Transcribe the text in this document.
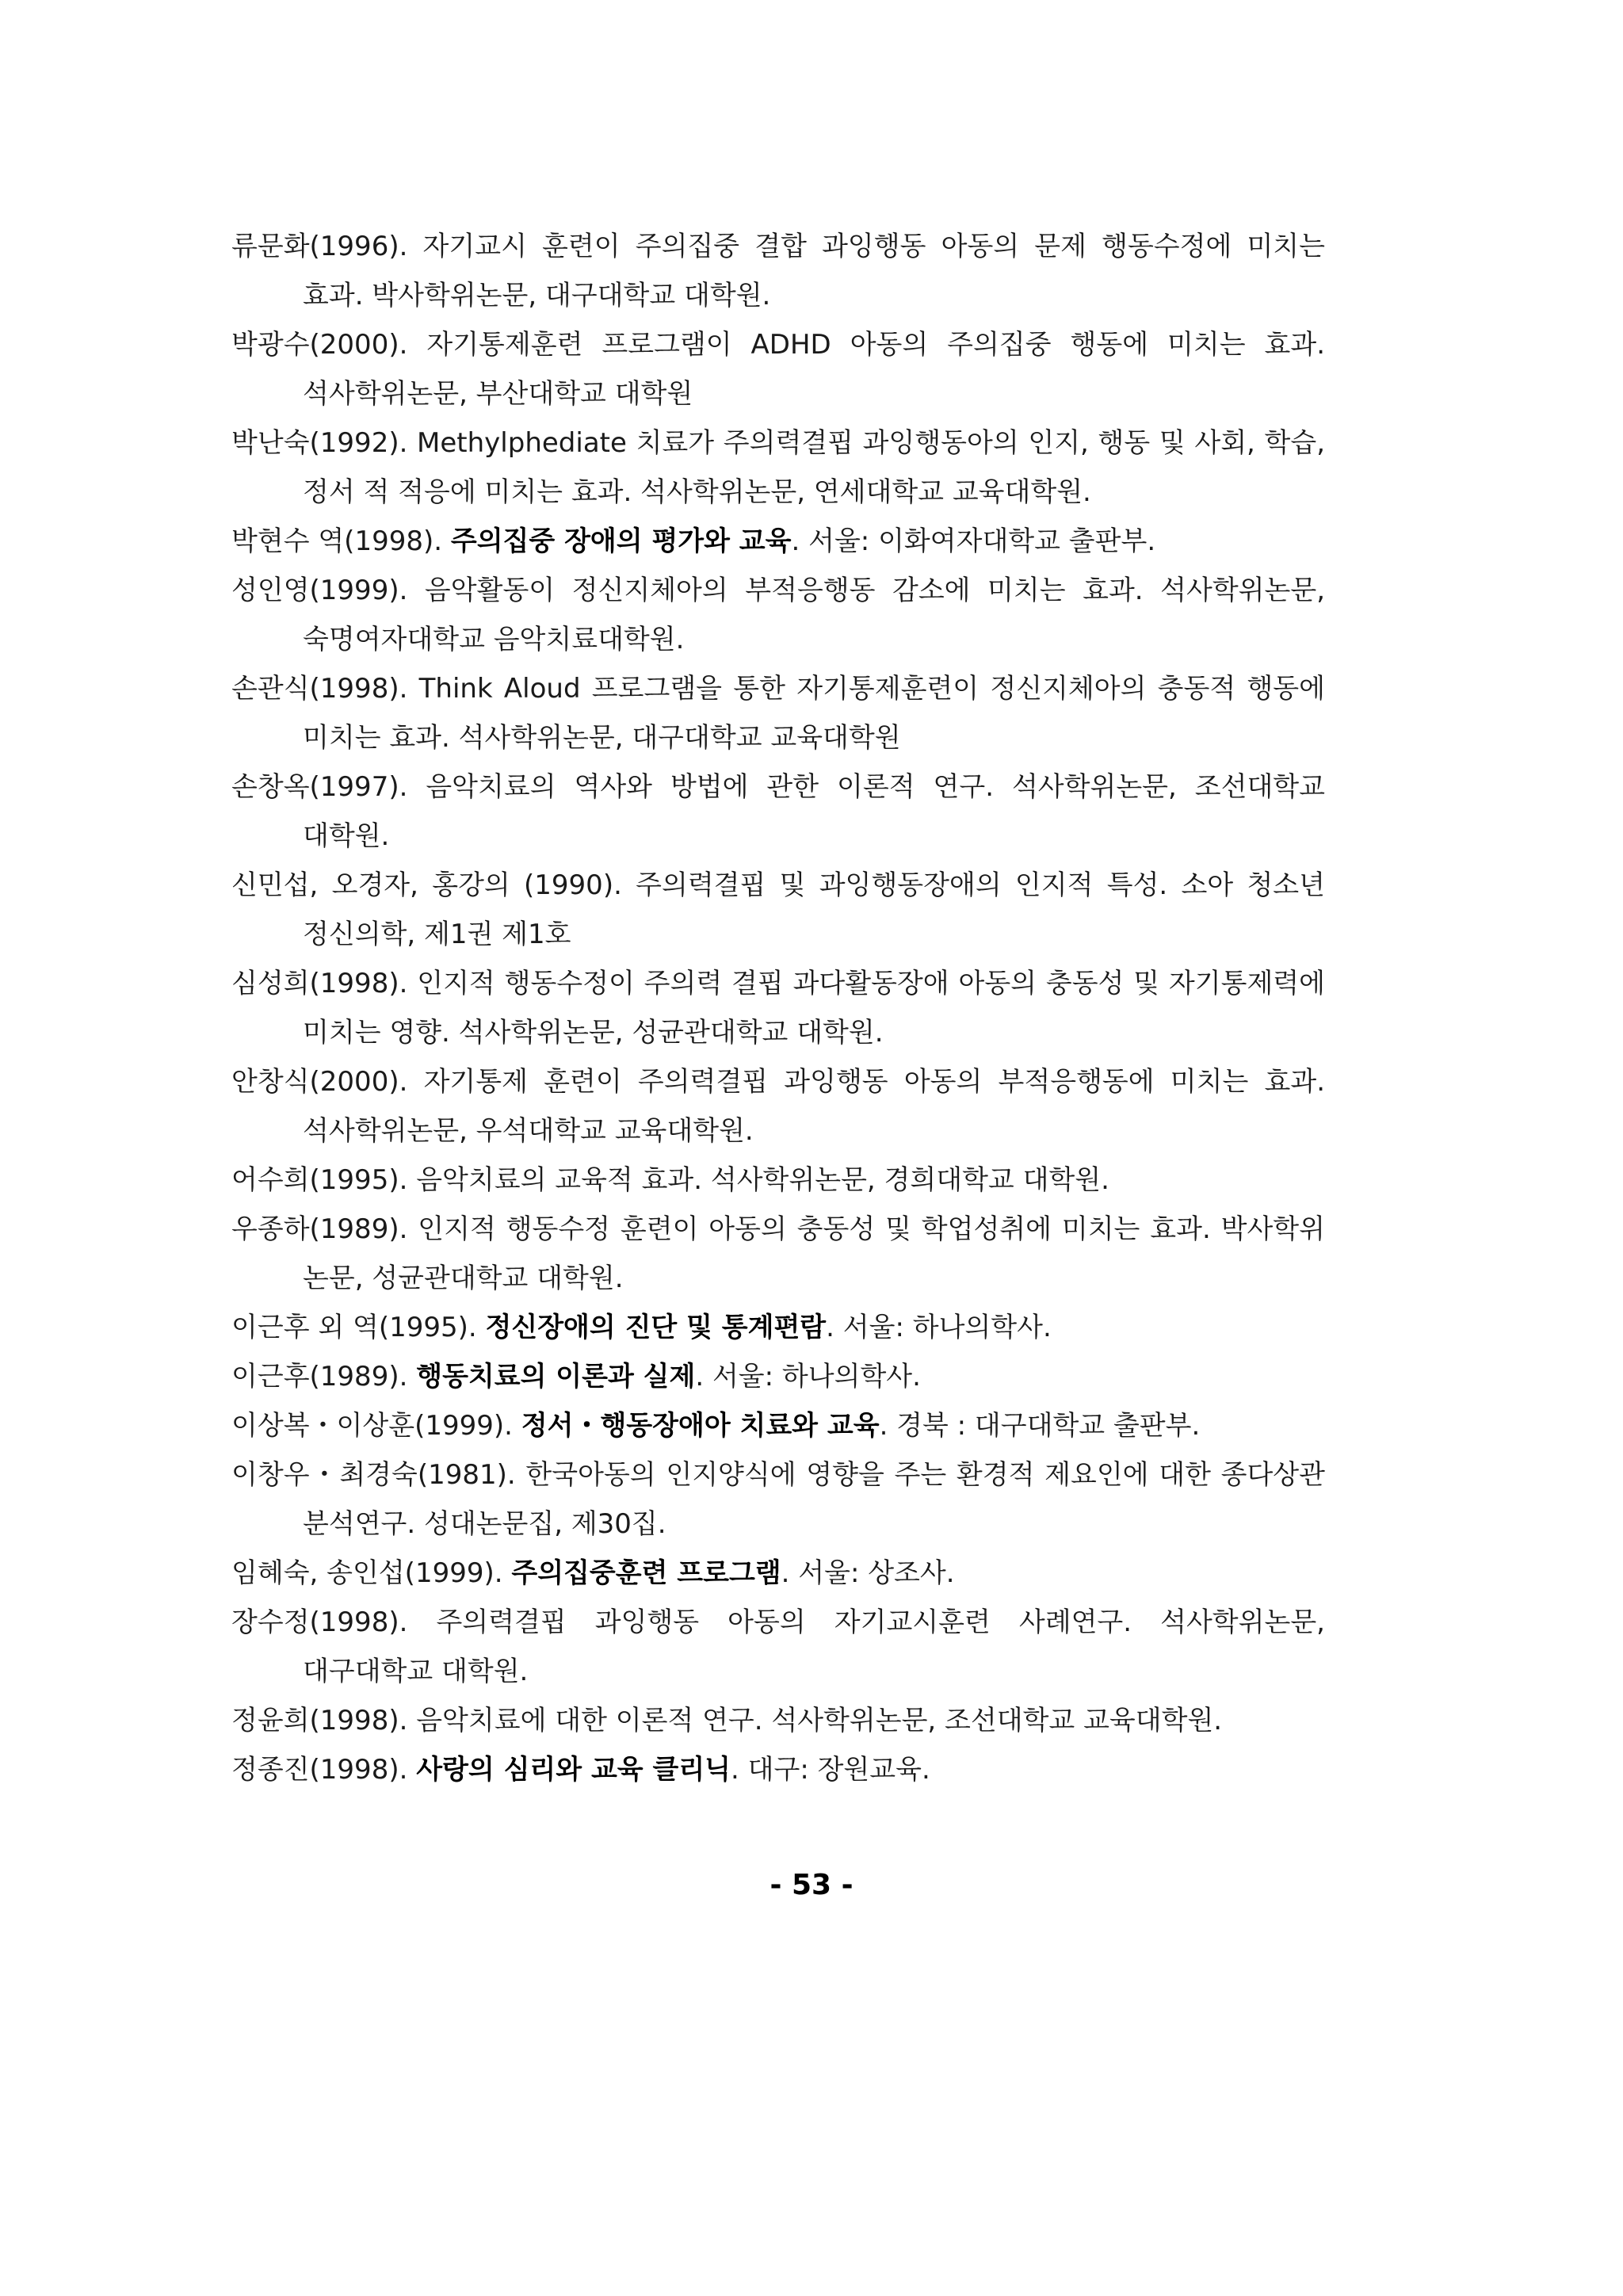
류문화(1996). 자기교시 훈련이 주의집중 결합 과잉행동 아동의 문제 행동수정에 미치는 효과. 박사학위논문, 대구대학교 대학원.
박광수(2000). 자기통제훈련 프로그램이 ADHD 아동의 주의집중 행동에 미치는 효과. 석사학위논문, 부산대학교 대학원
박난숙(1992). Methylphediate 치료가 주의력결핍 과잉행동아의 인지, 행동 및 사회, 학습, 정서 적 적응에 미치는 효과. 석사학위논문, 연세대학교 교육대학원.
박현수 역(1998). 주의집중 장애의 평가와 교육. 서울: 이화여자대학교 출판부.
성인영(1999). 음악활동이 정신지체아의 부적응행동 감소에 미치는 효과. 석사학위논문, 숙명여자대학교 음악치료대학원.
손관식(1998). Think Aloud 프로그램을 통한 자기통제훈련이 정신지체아의 충동적 행동에 미치는 효과. 석사학위논문, 대구대학교 교육대학원
손창옥(1997). 음악치료의 역사와 방법에 관한 이론적 연구. 석사학위논문, 조선대학교 대학원.
신민섭, 오경자, 홍강의 (1990). 주의력결핍 및 과잉행동장애의 인지적 특성. 소아 청소년 정신의학, 제1권 제1호
심성희(1998). 인지적 행동수정이 주의력 결핍 과다활동장애 아동의 충동성 및 자기통제력에 미치는 영향. 석사학위논문, 성균관대학교 대학원.
안창식(2000). 자기통제 훈련이 주의력결핍 과잉행동 아동의 부적응행동에 미치는 효과. 석사학위논문, 우석대학교 교육대학원.
어수희(1995). 음악치료의 교육적 효과. 석사학위논문, 경희대학교 대학원.
우종하(1989). 인지적 행동수정 훈련이 아동의 충동성 및 학업성취에 미치는 효과. 박사학위 논문, 성균관대학교 대학원.
이근후 외 역(1995). 정신장애의 진단 및 통계편람. 서울: 하나의학사.
이근후(1989). 행동치료의 이론과 실제. 서울: 하나의학사.
이상복・이상훈(1999). 정서・행동장애아 치료와 교육. 경북 : 대구대학교 출판부.
이창우・최경숙(1981). 한국아동의 인지양식에 영향을 주는 환경적 제요인에 대한 종다상관 분석연구. 성대논문집, 제30집.
임혜숙, 송인섭(1999). 주의집중훈련 프로그램. 서울: 상조사.
장수정(1998). 주의력결핍 과잉행동 아동의 자기교시훈련 사례연구. 석사학위논문, 대구대학교 대학원.
정윤희(1998). 음악치료에 대한 이론적 연구. 석사학위논문, 조선대학교 교육대학원.
정종진(1998). 사랑의 심리와 교육 클리닉. 대구: 장원교육.
- 53 -
